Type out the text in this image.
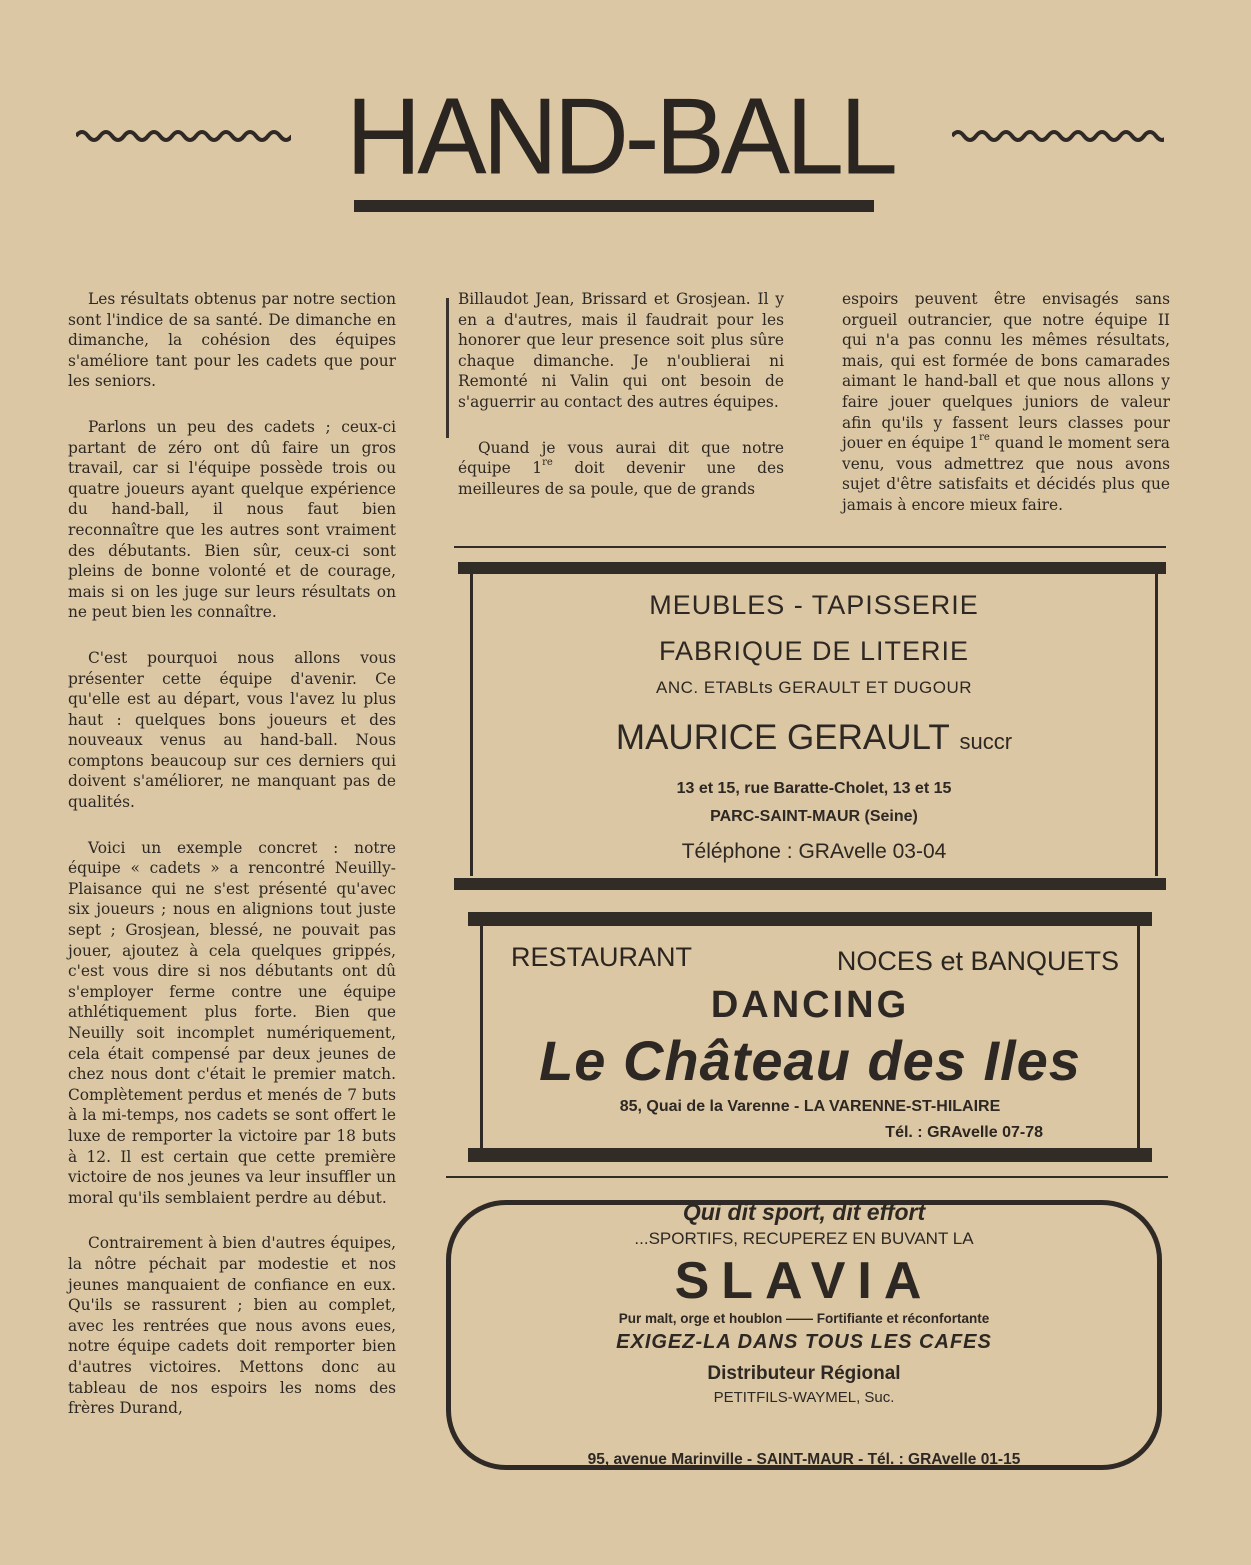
HAND-BALL

Les résultats obtenus par notre section sont l'indice de sa santé. De dimanche en dimanche, la cohésion des équipes s'améliore tant pour les cadets que pour les seniors.

Parlons un peu des cadets ; ceux-ci partant de zéro ont dû faire un gros travail, car si l'équipe possède trois ou quatre joueurs ayant quelque expérience du hand-ball, il nous faut bien reconnaître que les autres sont vraiment des débutants. Bien sûr, ceux-ci sont pleins de bonne volonté et de courage, mais si on les juge sur leurs résultats on ne peut bien les connaître.

C'est pourquoi nous allons vous présenter cette équipe d'avenir. Ce qu'elle est au départ, vous l'avez lu plus haut : quelques bons joueurs et des nouveaux venus au hand-ball. Nous comptons beaucoup sur ces derniers qui doivent s'améliorer, ne manquant pas de qualités.

Voici un exemple concret : notre équipe « cadets » a rencontré Neuilly-Plaisance qui ne s'est présenté qu'avec six joueurs ; nous en alignions tout juste sept ; Grosjean, blessé, ne pouvait pas jouer, ajoutez à cela quelques grippés, c'est vous dire si nos débutants ont dû s'employer ferme contre une équipe athlétiquement plus forte. Bien que Neuilly soit incomplet numériquement, cela était compensé par deux jeunes de chez nous dont c'était le premier match. Complètement perdus et menés de 7 buts à la mi-temps, nos cadets se sont offert le luxe de remporter la victoire par 18 buts à 12. Il est certain que cette première victoire de nos jeunes va leur insuffler un moral qu'ils semblaient perdre au début.

Contrairement à bien d'autres équipes, la nôtre péchait par modestie et nos jeunes manquaient de confiance en eux. Qu'ils se rassurent ; bien au complet, avec les rentrées que nous avons eues, notre équipe cadets doit remporter bien d'autres victoires. Mettons donc au tableau de nos espoirs les noms des frères Durand,

Billaudot Jean, Brissard et Grosjean. Il y en a d'autres, mais il faudrait pour les honorer que leur presence soit plus sûre chaque dimanche. Je n'oublierai ni Remonté ni Valin qui ont besoin de s'aguerrir au contact des autres équipes.

Quand je vous aurai dit que notre équipe 1re doit devenir une des meilleures de sa poule, que de grands

espoirs peuvent être envisagés sans orgueil outrancier, que notre équipe II qui n'a pas connu les mêmes résultats, mais, qui est formée de bons camarades aimant le hand-ball et que nous allons y faire jouer quelques juniors de valeur afin qu'ils y fassent leurs classes pour jouer en équipe 1re quand le moment sera venu, vous admettrez que nous avons sujet d'être satisfaits et décidés plus que jamais à encore mieux faire.

MEUBLES - TAPISSERIE
FABRIQUE DE LITERIE
ANC. ETABLts GERAULT ET DUGOUR
MAURICE GERAULT succr
13 et 15, rue Baratte-Cholet, 13 et 15
PARC-SAINT-MAUR (Seine)
Téléphone : GRAvelle 03-04
RESTAURANT	NOCES et BANQUETS
DANCING
Le Château des Iles
85, Quai de la Varenne - LA VARENNE-ST-HILAIRE
Tél. : GRAvelle 07-78
Qui dit sport, dit effort
...SPORTIFS, RECUPEREZ EN BUVANT LA
SLAVIA
Pur malt, orge et houblon —— Fortifiante et réconfortante
EXIGEZ-LA DANS TOUS LES CAFES
Distributeur Régional
PETITFILS-WAYMEL, Suc.
95, avenue Marinville - SAINT-MAUR - Tél. : GRAvelle 01-15
